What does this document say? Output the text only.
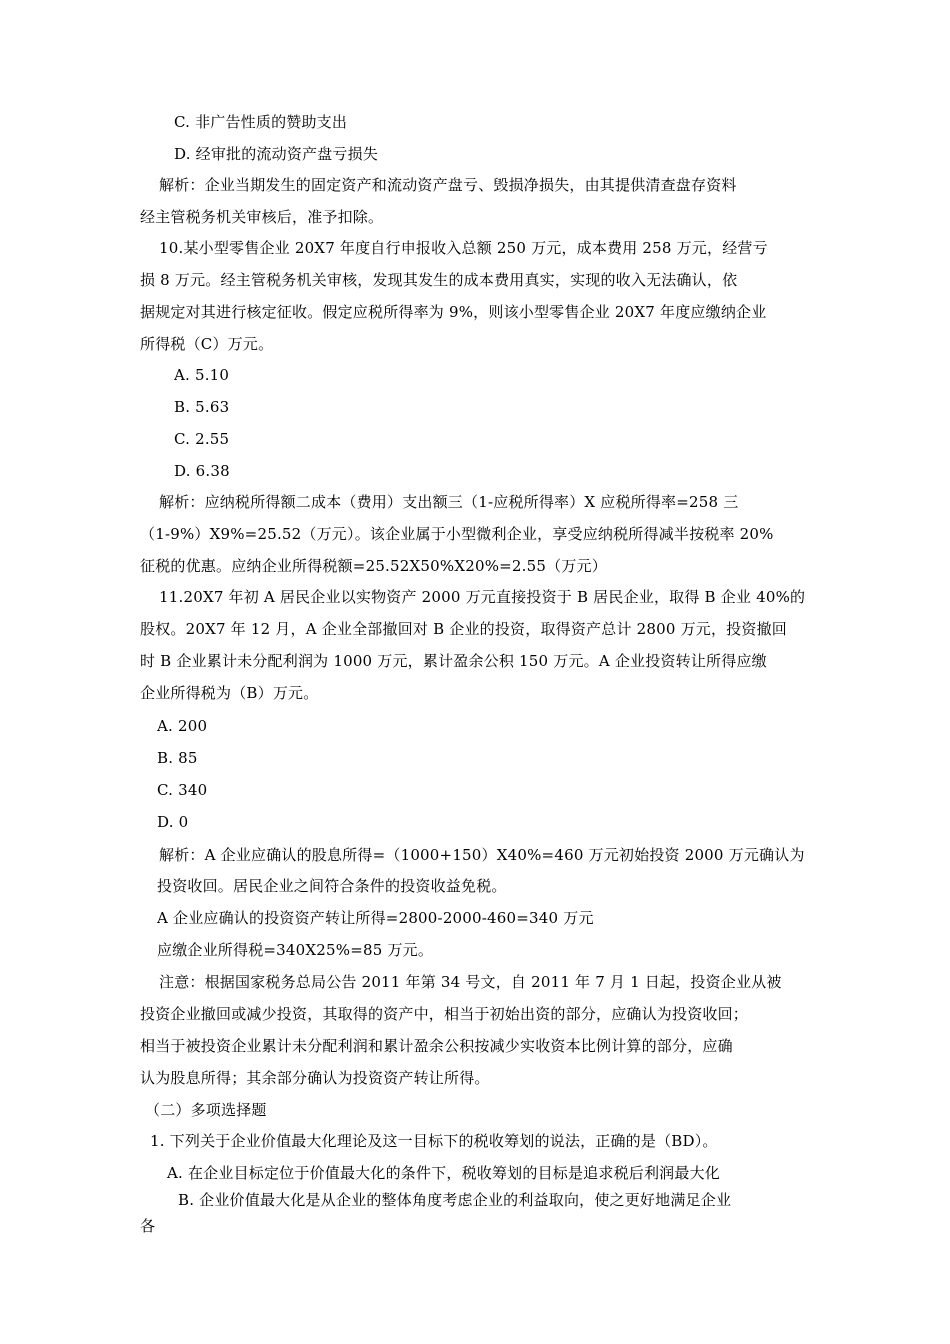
C. 非广告性质的赞助支出
D. 经审批的流动资产盘亏损失
解析：企业当期发生的固定资产和流动资产盘亏、毁损净损失，由其提供清查盘存资料
经主管税务机关审核后，准予扣除。
10.某小型零售企业 20X7 年度自行申报收入总额 250 万元，成本费用 258 万元，经营亏
损 8 万元。经主管税务机关审核，发现其发生的成本费用真实，实现的收入无法确认，依
据规定对其进行核定征收。假定应税所得率为 9%，则该小型零售企业 20X7 年度应缴纳企业
所得税（C）万元。
A. 5.10
B. 5.63
C. 2.55
D. 6.38
解析：应纳税所得额二成本（费用）支出额三（1-应税所得率）X 应税所得率=258 三
（1-9%）X9%=25.52（万元）。该企业属于小型微利企业，享受应纳税所得减半按税率 20%
征税的优惠。应纳企业所得税额=25.52X50%X20%=2.55（万元）
11.20X7 年初 A 居民企业以实物资产 2000 万元直接投资于 B 居民企业，取得 B 企业 40%的
股权。20X7 年 12 月，A 企业全部撤回对 B 企业的投资，取得资产总计 2800 万元，投资撤回
时 B 企业累计未分配利润为 1000 万元，累计盈余公积 150 万元。A 企业投资转让所得应缴
企业所得税为（B）万元。
A. 200
B. 85
C. 340
D. 0
解析：A 企业应确认的股息所得=（1000+150）X40%=460 万元初始投资 2000 万元确认为
投资收回。居民企业之间符合条件的投资收益免税。
A 企业应确认的投资资产转让所得=2800-2000-460=340 万元
应缴企业所得税=340X25%=85 万元。
注意：根据国家税务总局公告 2011 年第 34 号文，自 2011 年 7 月 1 日起，投资企业从被
投资企业撤回或减少投资，其取得的资产中，相当于初始出资的部分，应确认为投资收回；
相当于被投资企业累计未分配利润和累计盈余公积按减少实收资本比例计算的部分，应确
认为股息所得；其余部分确认为投资资产转让所得。
（二）多项选择题
1. 下列关于企业价值最大化理论及这一目标下的税收筹划的说法，正确的是（BD）。
A. 在企业目标定位于价值最大化的条件下，税收筹划的目标是追求税后利润最大化
B. 企业价值最大化是从企业的整体角度考虑企业的利益取向，使之更好地满足企业
各
